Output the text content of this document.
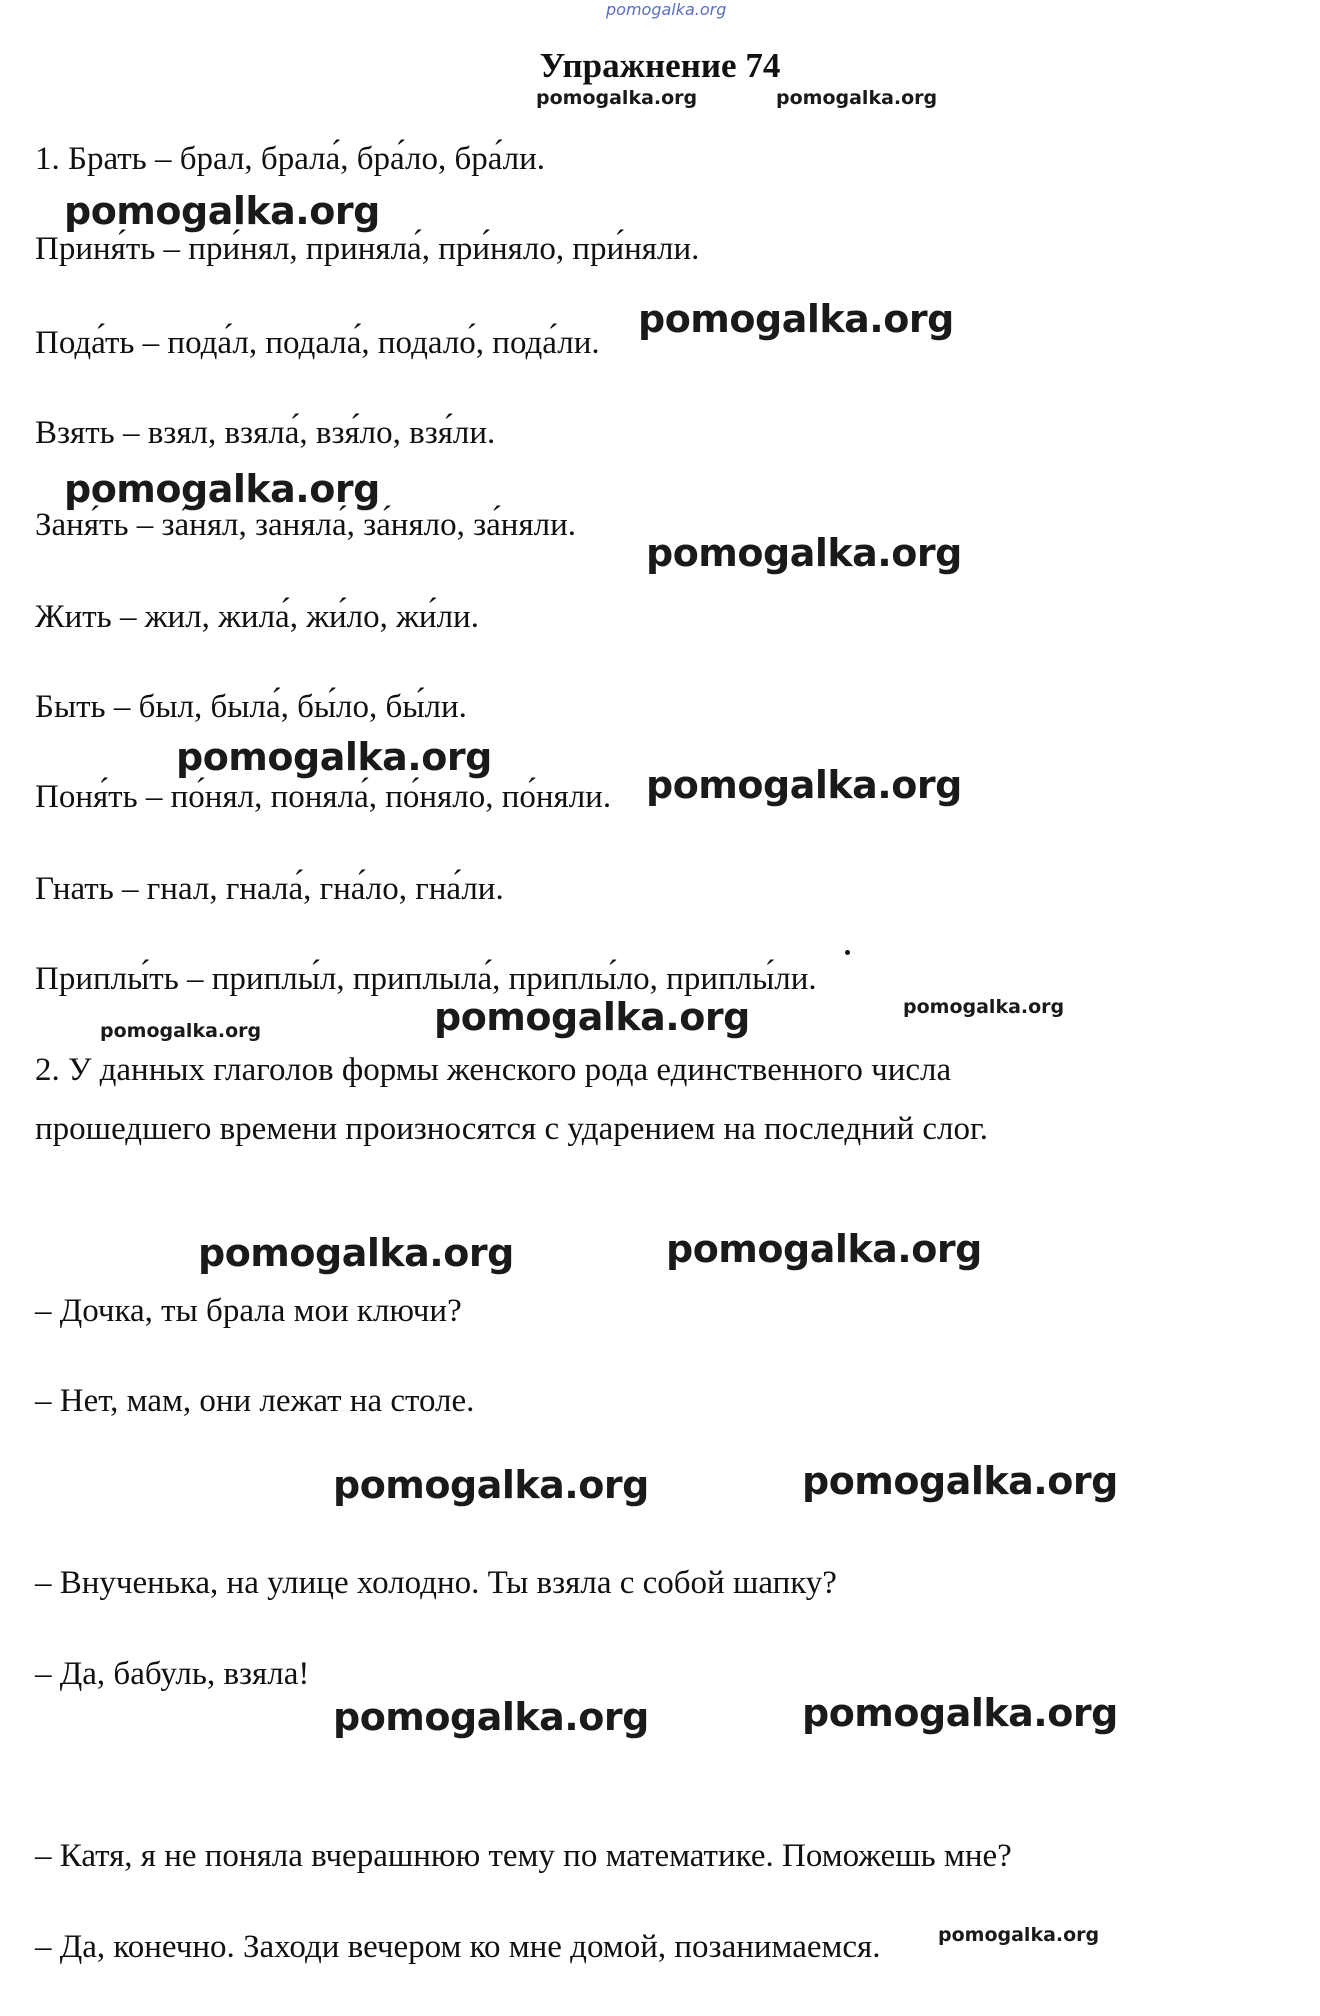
pomogalka.org
Упражнение 74
pomogalka.org	pomogalka.org
1. Брать – брал, брала́, бра́ло, бра́ли.
pomogalka.org
Приня́ть – при́нял, приняла́, при́няло, при́няли.
Пода́ть – пода́л, подала́, подало́, пода́ли.
pomogalka.org
Взять – взял, взяла́, взя́ло, взя́ли.
pomogalka.org
Заня́ть – за́нял, заняла́, за́няло, за́няли.
pomogalka.org
Жить – жил, жила́, жи́ло, жи́ли.
Быть – был, была́, бы́ло, бы́ли.
pomogalka.org
Поня́ть – по́нял, поняла́, по́няло, по́няли. pomogalka.org
Гнать – гнал, гнала́, гна́ло, гна́ли.
Приплы́ть – приплы́л, приплыла́, приплы́ло, приплы́ли.
pomogalka.org
pomogalka.org
pomogalka.org
2. У данных глаголов формы женского рода единственного числа
прошедшего времени произносятся с ударением на последний слог.
pomogalka.org	pomogalka.org
– Дочка, ты брала мои ключи?
– Нет, мам, они лежат на столе.
pomogalka.org	pomogalka.org
– Внученька, на улице холодно. Ты взяла с собой шапку?
– Да, бабуль, взяла!
pomogalka.org	pomogalka.org
– Катя, я не поняла вчерашнюю тему по математике. Поможешь мне?
– Да, конечно. Заходи вечером ко мне домой, позанимаемся.	pomogalka.org
